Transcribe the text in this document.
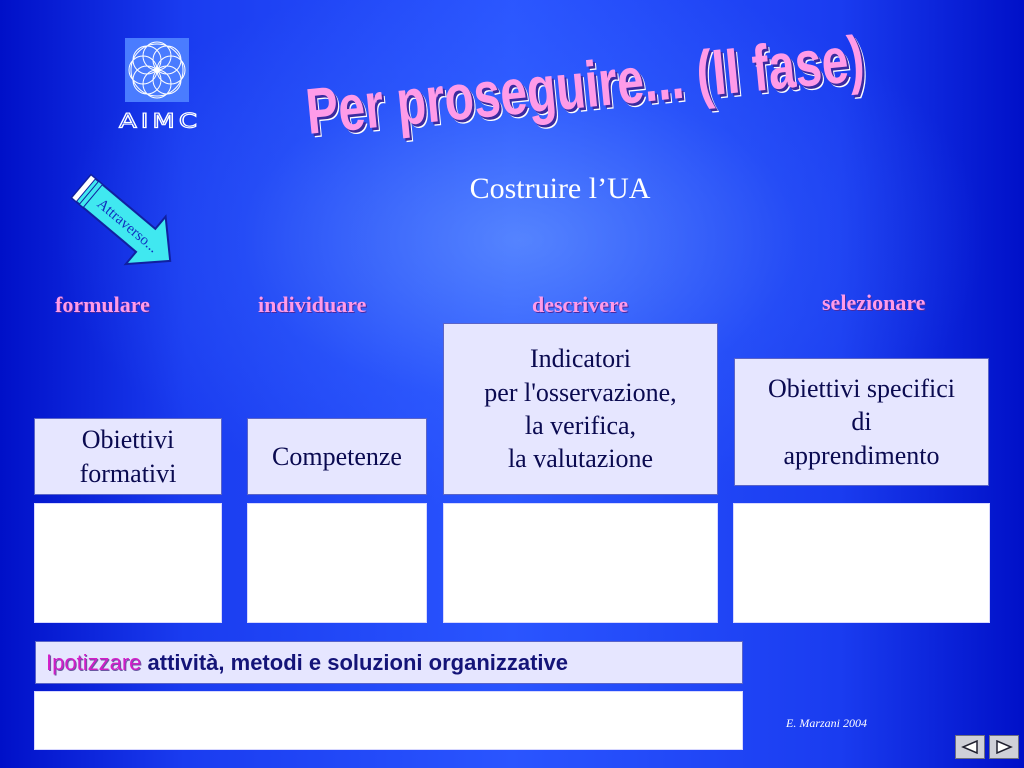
AIMC Per proseguire... (II fase)
Costruire l’UA
Attraverso...
formulare	individuare	descrivere	selezionare
Obiettivi
formativi
Competenze
Indicatori
per l'osservazione,
la verifica,
la valutazione
Obiettivi specifici
di
apprendimento
Ipotizzare attività, metodi e soluzioni organizzative
E. Marzani 2004
